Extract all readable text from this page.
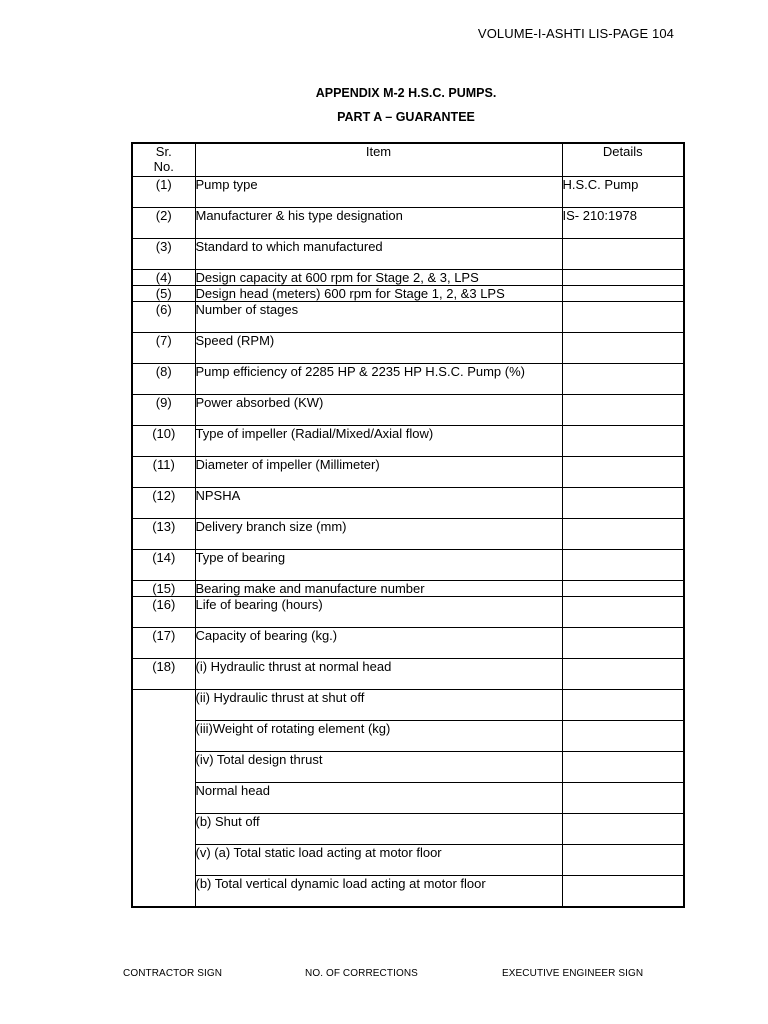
VOLUME-I-ASHTI LIS-PAGE 104
APPENDIX M-2 H.S.C. PUMPS.
PART A – GUARANTEE
Sr.
No.	Item	Details
(1)	Pump type	H.S.C. Pump
(2)	Manufacturer & his type designation	IS- 210:1978
(3)	Standard to which manufactured	
(4)	Design capacity at 600 rpm for Stage 2, & 3, LPS	
(5)	Design head (meters) 600 rpm for Stage 1, 2, &3 LPS	
(6)	Number of stages	
(7)	Speed (RPM)	
(8)	Pump efficiency of 2285 HP & 2235 HP H.S.C. Pump (%)	
(9)	Power absorbed (KW)	
(10)	Type of impeller (Radial/Mixed/Axial flow)	
(11)	Diameter of impeller (Millimeter)	
(12)	NPSHA	
(13)	Delivery branch size (mm)	
(14)	Type of bearing	
(15)	Bearing make and manufacture number	
(16)	Life of bearing (hours)	
(17)	Capacity of bearing (kg.)	
(18)	(i) Hydraulic thrust at normal head	
	(ii) Hydraulic thrust at shut off	
	(iii)Weight of rotating element (kg)	
	(iv) Total design thrust	
	Normal head	
	(b) Shut off	
	(v) (a) Total static load acting at motor floor	
	(b) Total vertical dynamic load acting at motor floor	
CONTRACTOR SIGN	NO. OF CORRECTIONS	EXECUTIVE ENGINEER SIGN
